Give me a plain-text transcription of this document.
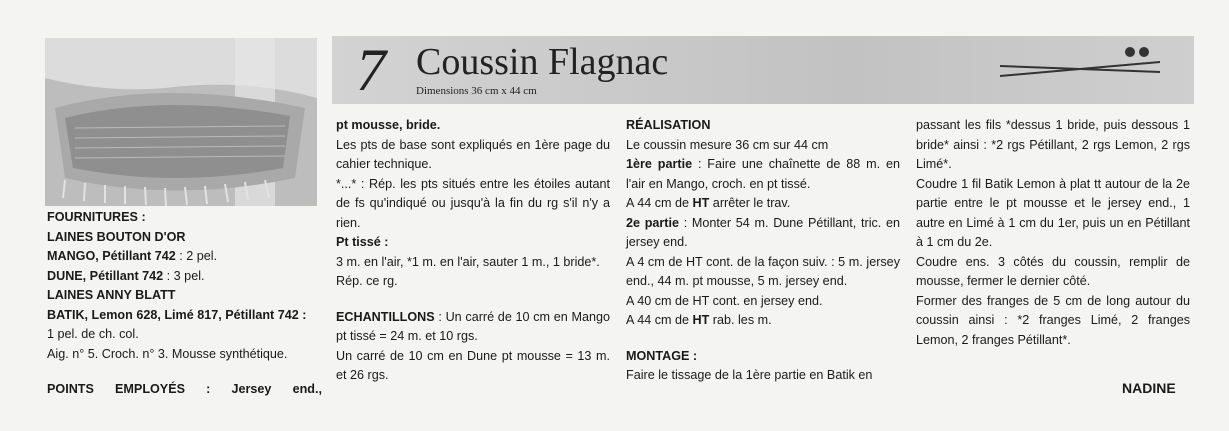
7 Coussin Flagnac
Dimensions 36 cm x 44 cm

FOURNITURES :

LAINES BOUTON D'OR

MANGO, Pétillant 742 : 2 pel.

DUNE, Pétillant 742 : 3 pel.

LAINES ANNY BLATT

BATIK, Lemon 628, Limé 817, Pétillant 742 :

1 pel. de ch. col.

Aig. n° 5. Croch. n° 3. Mousse synthétique.

POINTS EMPLOYÉS : Jersey end.,

pt mousse, bride.

Les pts de base sont expliqués en 1ère page du cahier technique.

*...* : Rép. les pts situés entre les étoiles autant de fs qu'indiqué ou jusqu'à la fin du rg s'il n'y a rien.

Pt tissé :

3 m. en l'air, *1 m. en l'air, sauter 1 m., 1 bride*.

Rép. ce rg.

ECHANTILLONS : Un carré de 10 cm en Mango pt tissé = 24 m. et 10 rgs.

Un carré de 10 cm en Dune pt mousse = 13 m. et 26 rgs.

RÉALISATION

Le coussin mesure 36 cm sur 44 cm

1ère partie : Faire une chaînette de 88 m. en l'air en Mango, croch. en pt tissé.

A 44 cm de HT arrêter le trav.

2e partie : Monter 54 m. Dune Pétillant, tric. en jersey end.

A 4 cm de HT cont. de la façon suiv. : 5 m. jersey end., 44 m. pt mousse, 5 m. jersey end.

A 40 cm de HT cont. en jersey end.

A 44 cm de HT rab. les m.

MONTAGE :

Faire le tissage de la 1ère partie en Batik en

passant les fils *dessus 1 bride, puis dessous 1 bride* ainsi : *2 rgs Pétillant, 2 rgs Lemon, 2 rgs Limé*.

Coudre 1 fil Batik Lemon à plat tt autour de la 2e partie entre le pt mousse et le jersey end., 1 autre en Limé à 1 cm du 1er, puis un en Pétillant à 1 cm du 2e.

Coudre ens. 3 côtés du coussin, remplir de mousse, fermer le dernier côté.

Former des franges de 5 cm de long autour du coussin ainsi : *2 franges Limé, 2 franges Lemon, 2 franges Pétillant*.

NADINE
